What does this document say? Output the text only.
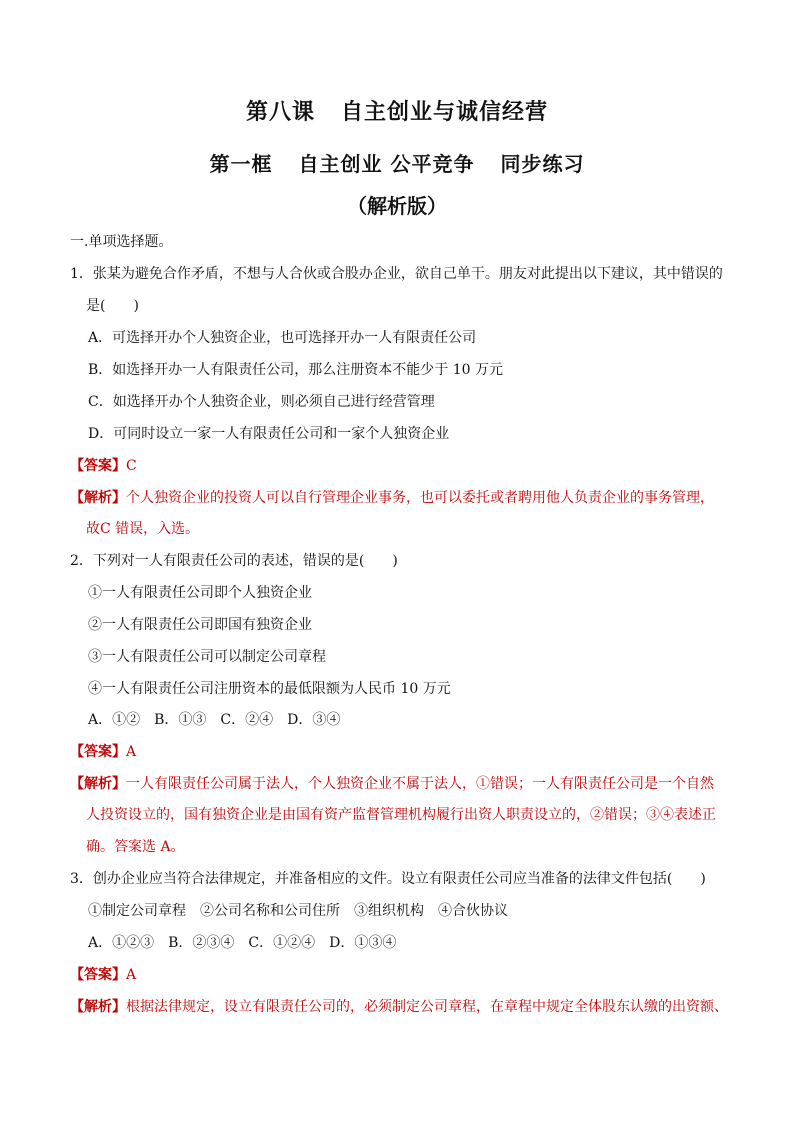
第八课 自主创业与诚信经营
第一框 自主创业 公平竞争 同步练习
（解析版）
一.单项选择题。
1．张某为避免合作矛盾，不想与人合伙或合股办企业，欲自己单干。朋友对此提出以下建议，其中错误的
是(　　)
A．可选择开办个人独资企业，也可选择开办一人有限责任公司
B．如选择开办一人有限责任公司，那么注册资本不能少于 10 万元
C．如选择开办个人独资企业，则必须自己进行经营管理
D．可同时设立一家一人有限责任公司和一家个人独资企业
【答案】C
【解析】个人独资企业的投资人可以自行管理企业事务，也可以委托或者聘用他人负责企业的事务管理，
故C 错误，入选。
2．下列对一人有限责任公司的表述，错误的是(　　)
①一人有限责任公司即个人独资企业
②一人有限责任公司即国有独资企业
③一人有限责任公司可以制定公司章程
④一人有限责任公司注册资本的最低限额为人民币 10 万元
A．①②　B．①③　C．②④　D．③④
【答案】A
【解析】一人有限责任公司属于法人，个人独资企业不属于法人，①错误；一人有限责任公司是一个自然
人投资设立的，国有独资企业是由国有资产监督管理机构履行出资人职责设立的，②错误；③④表述正
确。答案选 A。
3．创办企业应当符合法律规定，并准备相应的文件。设立有限责任公司应当准备的法律文件包括(　　)
①制定公司章程　②公司名称和公司住所　③组织机构　④合伙协议
A．①②③　B．②③④　C．①②④　D．①③④
【答案】A
【解析】根据法律规定，设立有限责任公司的，必须制定公司章程，在章程中规定全体股东认缴的出资额、
